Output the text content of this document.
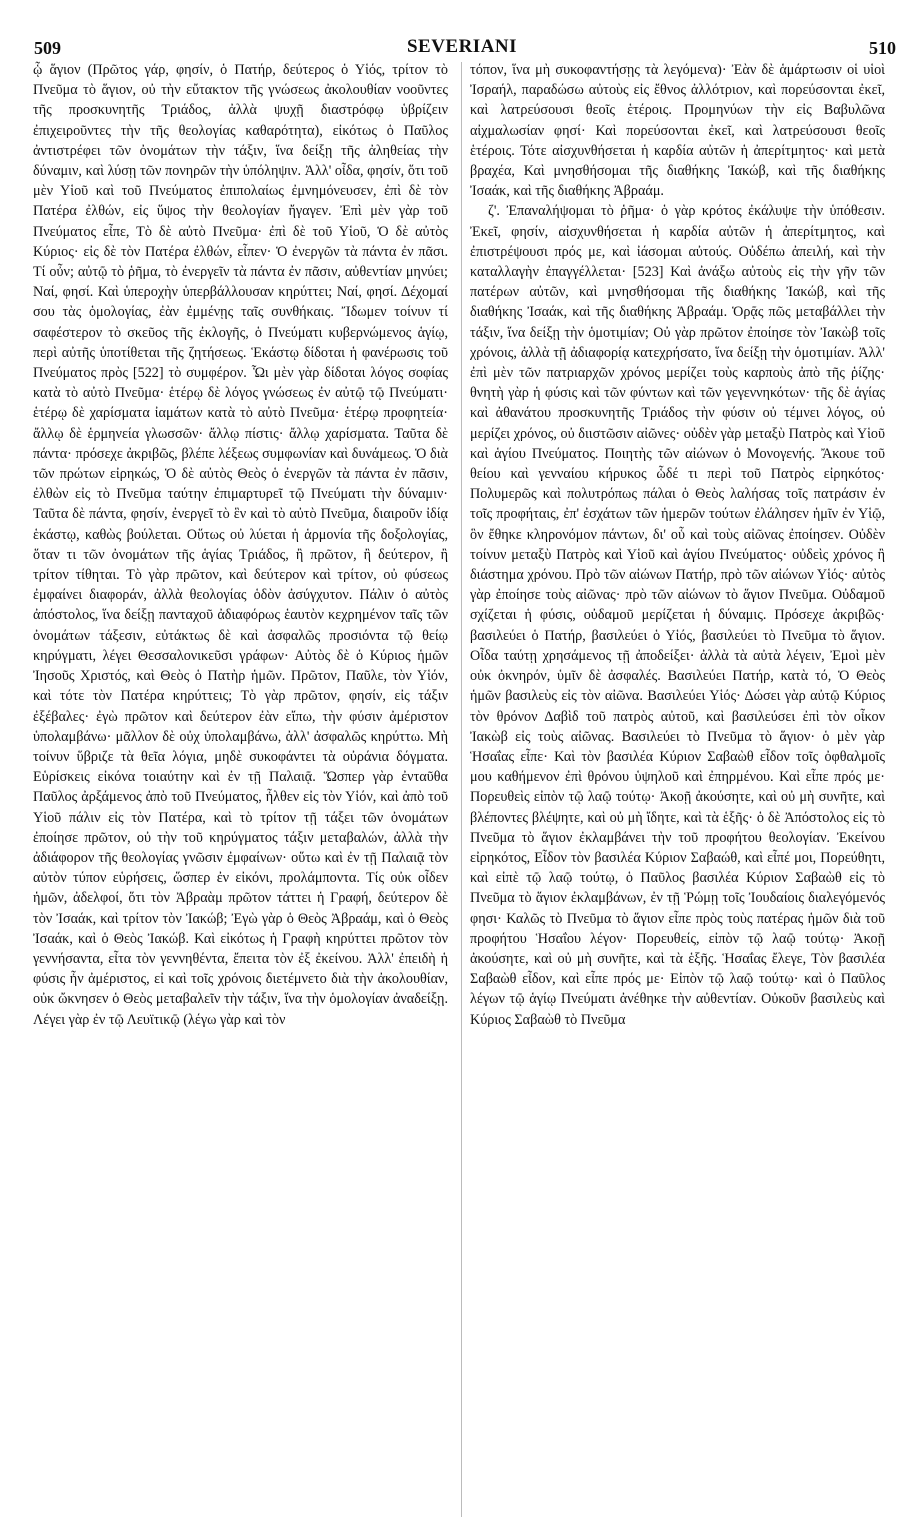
509	SEVERIANI	510

ᾧ ἅγιον (Πρῶτος γάρ, φησίν, ὁ Πατήρ, δεύτερος ὁ Υἱός, τρίτον τὸ Πνεῦμα τὸ ἅγιον, οὐ τὴν εὔτακτον τῆς γνώσεως ἀκολουθίαν νοοῦντες τῆς προσκυνητῆς Τριάδος, ἀλλὰ ψυχῇ διαστρόφῳ ὑβρίζειν ἐπιχειροῦντες τὴν τῆς θεολογίας καθαρότητα), εἰκότως ὁ Παῦλος ἀντιστρέφει τῶν ὀνομάτων τὴν τάξιν, ἵνα δείξῃ τῆς ἀληθείας τὴν δύναμιν, καὶ λύσῃ τῶν πονηρῶν τὴν ὑπόληψιν. Ἀλλ' οἶδα, φησίν, ὅτι τοῦ μὲν Υἱοῦ καὶ τοῦ Πνεύματος ἐπιπολαίως ἐμνημόνευσεν, ἐπὶ δὲ τὸν Πατέρα ἐλθών, εἰς ὕψος τὴν θεολογίαν ἤγαγεν. Ἐπὶ μὲν γὰρ τοῦ Πνεύματος εἶπε, Τὸ δὲ αὐτὸ Πνεῦμα· ἐπὶ δὲ τοῦ Υἱοῦ, Ὁ δὲ αὐτὸς Κύριος· εἰς δὲ τὸν Πατέρα ἐλθών, εἶπεν· Ὁ ἐνεργῶν τὰ πάντα ἐν πᾶσι. Τί οὖν; αὐτῷ τὸ ῥῆμα, τὸ ἐνεργεῖν τὰ πάντα ἐν πᾶσιν, αὐθεντίαν μηνύει; Ναί, φησί. Καὶ ὑπεροχὴν ὑπερβάλλουσαν κηρύττει; Ναί, φησί. Δέχομαί σου τὰς ὁμολογίας, ἐὰν ἐμμένῃς ταῖς συνθήκαις. Ἴδωμεν τοίνυν τί σαφέστερον τὸ σκεῦος τῆς ἐκλογῆς, ὁ Πνεύματι κυβερνώμενος ἁγίῳ, περὶ αὐτῆς ὑποτίθεται τῆς ζητήσεως. Ἑκάστῳ δίδοται ἡ φανέρωσις τοῦ Πνεύματος πρὸς [522] τὸ συμφέρον. Ὧι μὲν γὰρ δίδοται λόγος σοφίας κατὰ τὸ αὐτὸ Πνεῦμα· ἑτέρῳ δὲ λόγος γνώσεως ἐν αὐτῷ τῷ Πνεύματι· ἑτέρῳ δὲ χαρίσματα ἰαμάτων κατὰ τὸ αὐτὸ Πνεῦμα· ἑτέρῳ προφητεία· ἄλλῳ δὲ ἑρμηνεία γλωσσῶν· ἄλλῳ πίστις· ἄλλῳ χαρίσματα. Ταῦτα δὲ πάντα· πρόσεχε ἀκριβῶς, βλέπε λέξεως συμφωνίαν καὶ δυνάμεως. Ὁ διὰ τῶν πρώτων εἰρηκώς, Ὁ δὲ αὐτὸς Θεὸς ὁ ἐνεργῶν τὰ πάντα ἐν πᾶσιν, ἐλθὼν εἰς τὸ Πνεῦμα ταύτην ἐπιμαρτυρεῖ τῷ Πνεύματι τὴν δύναμιν· Ταῦτα δὲ πάντα, φησίν, ἐνεργεῖ τὸ ἓν καὶ τὸ αὐτὸ Πνεῦμα, διαιροῦν ἰδίᾳ ἑκάστῳ, καθὼς βούλεται. Οὕτως οὐ λύεται ἡ ἁρμονία τῆς δοξολογίας, ὅταν τι τῶν ὀνομάτων τῆς ἁγίας Τριάδος, ἢ πρῶτον, ἢ δεύτερον, ἢ τρίτον τίθηται. Τὸ γὰρ πρῶτον, καὶ δεύτερον καὶ τρίτον, οὐ φύσεως ἐμφαίνει διαφοράν, ἀλλὰ θεολογίας ὁδὸν ἀσύγχυτον. Πάλιν ὁ αὐτὸς ἀπόστολος, ἵνα δείξῃ πανταχοῦ ἀδιαφόρως ἑαυτὸν κεχρημένον ταῖς τῶν ὀνομάτων τάξεσιν, εὐτάκτως δὲ καὶ ἀσφαλῶς προσιόντα τῷ θείῳ κηρύγματι, λέγει Θεσσαλονικεῦσι γράφων· Αὐτὸς δὲ ὁ Κύριος ἡμῶν Ἰησοῦς Χριστός, καὶ Θεὸς ὁ Πατὴρ ἡμῶν. Πρῶτον, Παῦλε, τὸν Υἱόν, καὶ τότε τὸν Πατέρα κηρύττεις; Τὸ γὰρ πρῶτον, φησίν, εἰς τάξιν ἐξέβαλες· ἐγὼ πρῶτον καὶ δεύτερον ἐὰν εἴπω, τὴν φύσιν ἀμέριστον ὑπολαμβάνω· μᾶλλον δὲ οὐχ ὑπολαμβάνω, ἀλλ' ἀσφαλῶς κηρύττω. Μὴ τοίνυν ὕβριζε τὰ θεῖα λόγια, μηδὲ συκοφάντει τὰ οὐράνια δόγματα. Εὑρίσκεις εἰκόνα τοιαύτην καὶ ἐν τῇ Παλαιᾷ. Ὥσπερ γὰρ ἐνταῦθα Παῦλος ἀρξάμενος ἀπὸ τοῦ Πνεύματος, ἦλθεν εἰς τὸν Υἱόν, καὶ ἀπὸ τοῦ Υἱοῦ πάλιν εἰς τὸν Πατέρα, καὶ τὸ τρίτον τῇ τάξει τῶν ὀνομάτων ἐποίησε πρῶτον, οὐ τὴν τοῦ κηρύγματος τάξιν μεταβαλών, ἀλλὰ τὴν ἀδιάφορον τῆς θεολογίας γνῶσιν ἐμφαίνων· οὕτω καὶ ἐν τῇ Παλαιᾷ τὸν αὐτὸν τύπον εὑρήσεις, ὥσπερ ἐν εἰκόνι, προλάμποντα. Τίς οὐκ οἶδεν ἡμῶν, ἀδελφοί, ὅτι τὸν Ἀβραὰμ πρῶτον τάττει ἡ Γραφή, δεύτερον δὲ τὸν Ἰσαάκ, καὶ τρίτον τὸν Ἰακώβ; Ἐγὼ γὰρ ὁ Θεὸς Ἀβραάμ, καὶ ὁ Θεὸς Ἰσαάκ, καὶ ὁ Θεὸς Ἰακώβ. Καὶ εἰκότως ἡ Γραφὴ κηρύττει πρῶτον τὸν γεννήσαντα, εἶτα τὸν γεννηθέντα, ἔπειτα τὸν ἐξ ἐκείνου. Ἀλλ' ἐπειδὴ ἡ φύσις ἦν ἀμέριστος, εἰ καὶ τοῖς χρόνοις διετέμνετο διὰ τὴν ἀκολουθίαν, οὐκ ὤκνησεν ὁ Θεὸς μεταβαλεῖν τὴν τάξιν, ἵνα τὴν ὁμολογίαν ἀναδείξῃ. Λέγει γὰρ ἐν τῷ Λευϊτικῷ (λέγω γὰρ καὶ τὸν

τόπον, ἵνα μὴ συκοφαντήσῃς τὰ λεγόμενα)· Ἐὰν δὲ ἁμάρτωσιν οἱ υἱοὶ Ἰσραήλ, παραδώσω αὐτοὺς εἰς ἔθνος ἀλλότριον, καὶ πορεύσονται ἐκεῖ, καὶ λατρεύσουσι θεοῖς ἑτέροις. Προμηνύων τὴν εἰς Βαβυλῶνα αἰχμαλωσίαν φησί· Καὶ πορεύσονται ἐκεῖ, καὶ λατρεύσουσι θεοῖς ἑτέροις. Τότε αἰσχυνθήσεται ἡ καρδία αὐτῶν ἡ ἀπερίτμητος· καὶ μετὰ βραχέα, Καὶ μνησθήσομαι τῆς διαθήκης Ἰακώβ, καὶ τῆς διαθήκης Ἰσαάκ, καὶ τῆς διαθήκης Ἀβραάμ.

ζ'. Ἐπαναλήψομαι τὸ ῥῆμα· ὁ γὰρ κρότος ἐκάλυψε τὴν ὑπόθεσιν. Ἐκεῖ, φησίν, αἰσχυνθήσεται ἡ καρδία αὐτῶν ἡ ἀπερίτμητος, καὶ ἐπιστρέψουσι πρός με, καὶ ἰάσομαι αὐτούς. Οὐδέπω ἀπειλή, καὶ τὴν καταλλαγὴν ἐπαγγέλλεται· [523] Καὶ ἀνάξω αὐτοὺς εἰς τὴν γῆν τῶν πατέρων αὐτῶν, καὶ μνησθήσομαι τῆς διαθήκης Ἰακώβ, καὶ τῆς διαθήκης Ἰσαάκ, καὶ τῆς διαθήκης Ἀβραάμ. Ὁρᾷς πῶς μεταβάλλει τὴν τάξιν, ἵνα δείξῃ τὴν ὁμοτιμίαν; Οὐ γὰρ πρῶτον ἐποίησε τὸν Ἰακὼβ τοῖς χρόνοις, ἀλλὰ τῇ ἀδιαφορίᾳ κατεχρήσατο, ἵνα δείξῃ τὴν ὁμοτιμίαν. Ἀλλ' ἐπὶ μὲν τῶν πατριαρχῶν χρόνος μερίζει τοὺς καρποὺς ἀπὸ τῆς ῥίζης· θνητὴ γὰρ ἡ φύσις καὶ τῶν φύντων καὶ τῶν γεγεννηκότων· τῆς δὲ ἁγίας καὶ ἀθανάτου προσκυνητῆς Τριάδος τὴν φύσιν οὐ τέμνει λόγος, οὐ μερίζει χρόνος, οὐ διιστῶσιν αἰῶνες· οὐδὲν γὰρ μεταξὺ Πατρὸς καὶ Υἱοῦ καὶ ἁγίου Πνεύματος. Ποιητὴς τῶν αἰώνων ὁ Μονογενής. Ἄκουε τοῦ θείου καὶ γενναίου κήρυκος ὧδέ τι περὶ τοῦ Πατρὸς εἰρηκότος· Πολυμερῶς καὶ πολυτρόπως πάλαι ὁ Θεὸς λαλήσας τοῖς πατράσιν ἐν τοῖς προφήταις, ἐπ' ἐσχάτων τῶν ἡμερῶν τούτων ἐλάλησεν ἡμῖν ἐν Υἱῷ, ὃν ἔθηκε κληρονόμον πάντων, δι' οὗ καὶ τοὺς αἰῶνας ἐποίησεν. Οὐδὲν τοίνυν μεταξὺ Πατρὸς καὶ Υἱοῦ καὶ ἁγίου Πνεύματος· οὐδεὶς χρόνος ἢ διάστημα χρόνου. Πρὸ τῶν αἰώνων Πατήρ, πρὸ τῶν αἰώνων Υἱός· αὐτὸς γὰρ ἐποίησε τοὺς αἰῶνας· πρὸ τῶν αἰώνων τὸ ἅγιον Πνεῦμα. Οὐδαμοῦ σχίζεται ἡ φύσις, οὐδαμοῦ μερίζεται ἡ δύναμις. Πρόσεχε ἀκριβῶς· βασιλεύει ὁ Πατήρ, βασιλεύει ὁ Υἱός, βασιλεύει τὸ Πνεῦμα τὸ ἅγιον. Οἶδα ταύτῃ χρησάμενος τῇ ἀποδείξει· ἀλλὰ τὰ αὐτὰ λέγειν, Ἐμοὶ μὲν οὐκ ὀκνηρόν, ὑμῖν δὲ ἀσφαλές. Βασιλεύει Πατήρ, κατὰ τό, Ὁ Θεὸς ἡμῶν βασιλεὺς εἰς τὸν αἰῶνα. Βασιλεύει Υἱός· Δώσει γὰρ αὐτῷ Κύριος τὸν θρόνον Δαβὶδ τοῦ πατρὸς αὐτοῦ, καὶ βασιλεύσει ἐπὶ τὸν οἶκον Ἰακὼβ εἰς τοὺς αἰῶνας. Βασιλεύει τὸ Πνεῦμα τὸ ἅγιον· ὁ μὲν γὰρ Ἡσαΐας εἶπε· Καὶ τὸν βασιλέα Κύριον Σαβαὼθ εἶδον τοῖς ὀφθαλμοῖς μου καθήμενον ἐπὶ θρόνου ὑψηλοῦ καὶ ἐπηρμένου. Καὶ εἶπε πρός με· Πορευθεὶς εἰπὸν τῷ λαῷ τούτῳ· Ἀκοῇ ἀκούσητε, καὶ οὐ μὴ συνῆτε, καὶ βλέποντες βλέψητε, καὶ οὐ μὴ ἴδητε, καὶ τὰ ἑξῆς· ὁ δὲ Ἀπόστολος εἰς τὸ Πνεῦμα τὸ ἅγιον ἐκλαμβάνει τὴν τοῦ προφήτου θεολογίαν. Ἐκείνου εἰρηκότος, Εἶδον τὸν βασιλέα Κύριον Σαβαώθ, καὶ εἶπέ μοι, Πορεύθητι, καὶ εἰπὲ τῷ λαῷ τούτῳ, ὁ Παῦλος βασιλέα Κύριον Σαβαὼθ εἰς τὸ Πνεῦμα τὸ ἅγιον ἐκλαμβάνων, ἐν τῇ Ῥώμῃ τοῖς Ἰουδαίοις διαλεγόμενός φησι· Καλῶς τὸ Πνεῦμα τὸ ἅγιον εἶπε πρὸς τοὺς πατέρας ἡμῶν διὰ τοῦ προφήτου Ἡσαΐου λέγον· Πορευθείς, εἰπὸν τῷ λαῷ τούτῳ· Ἀκοῇ ἀκούσητε, καὶ οὐ μὴ συνῆτε, καὶ τὰ ἑξῆς. Ἡσαΐας ἔλεγε, Τὸν βασιλέα Σαβαὼθ εἶδον, καὶ εἶπε πρός με· Εἰπὸν τῷ λαῷ τούτῳ· καὶ ὁ Παῦλος λέγων τῷ ἁγίῳ Πνεύματι ἀνέθηκε τὴν αὐθεντίαν. Οὐκοῦν βασιλεὺς καὶ Κύριος Σαβαὼθ τὸ Πνεῦμα
